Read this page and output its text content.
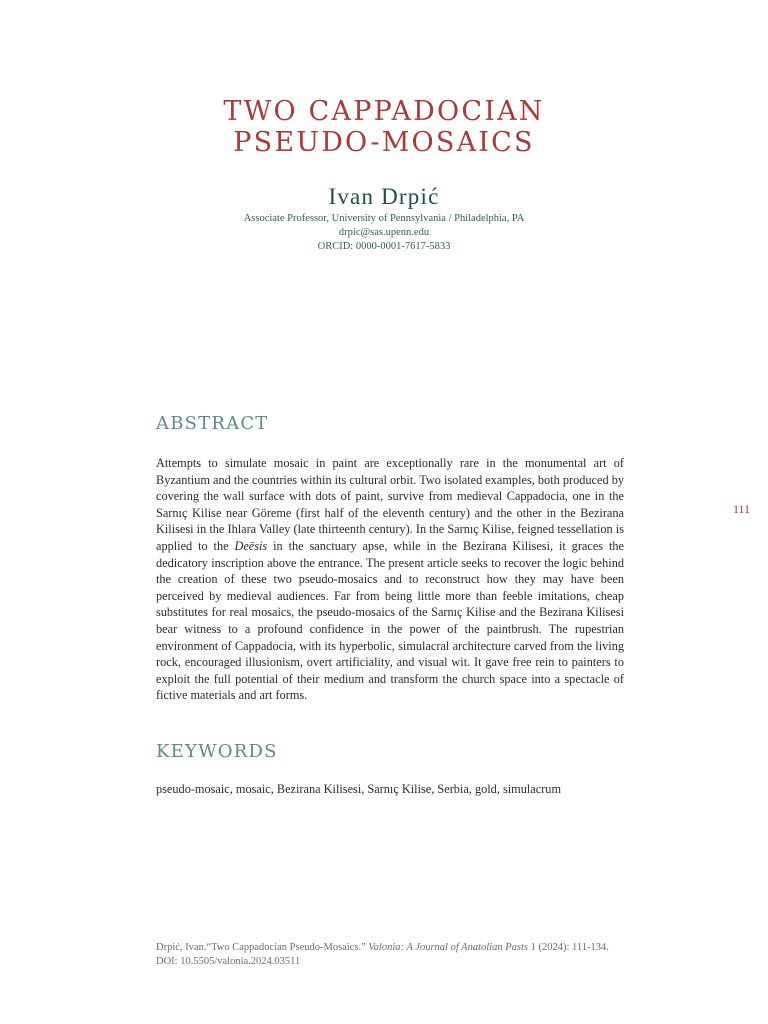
TWO CAPPADOCIAN
PSEUDO-MOSAICS
Ivan Drpić
Associate Professor, University of Pennsylvania / Philadelphia, PA
drpic@sas.upenn.edu
ORCID: 0000-0001-7617-5833
ABSTRACT
Attempts to simulate mosaic in paint are exceptionally rare in the monumental art of Byzantium and the countries within its cultural orbit. Two isolated examples, both produced by covering the wall surface with dots of paint, survive from medieval Cappadocia, one in the Sarnıç Kilise near Göreme (first half of the eleventh century) and the other in the Bezirana Kilisesi in the Ihlara Valley (late thirteenth century). In the Sarnıç Kilise, feigned tessellation is applied to the Deēsis in the sanctuary apse, while in the Bezirana Kilisesi, it graces the dedicatory inscription above the entrance. The present article seeks to recover the logic behind the creation of these two pseudo-mosaics and to reconstruct how they may have been perceived by medieval audiences. Far from being little more than feeble imitations, cheap substitutes for real mosaics, the pseudo-mosaics of the Sarnıç Kilise and the Bezirana Kilisesi bear witness to a profound confidence in the power of the paintbrush. The rupestrian environment of Cappadocia, with its hyperbolic, simulacral architecture carved from the living rock, encouraged illusionism, overt artificiality, and visual wit. It gave free rein to painters to exploit the full potential of their medium and transform the church space into a spectacle of fictive materials and art forms.
KEYWORDS
pseudo-mosaic, mosaic, Bezirana Kilisesi, Sarnıç Kilise, Serbia, gold, simulacrum
111
Drpić, Ivan.“Two Cappadocian Pseudo-Mosaics.” Valonia: A Journal of Anatolian Pasts 1 (2024): 111-134. DOI: 10.5505/valonia.2024.03511
